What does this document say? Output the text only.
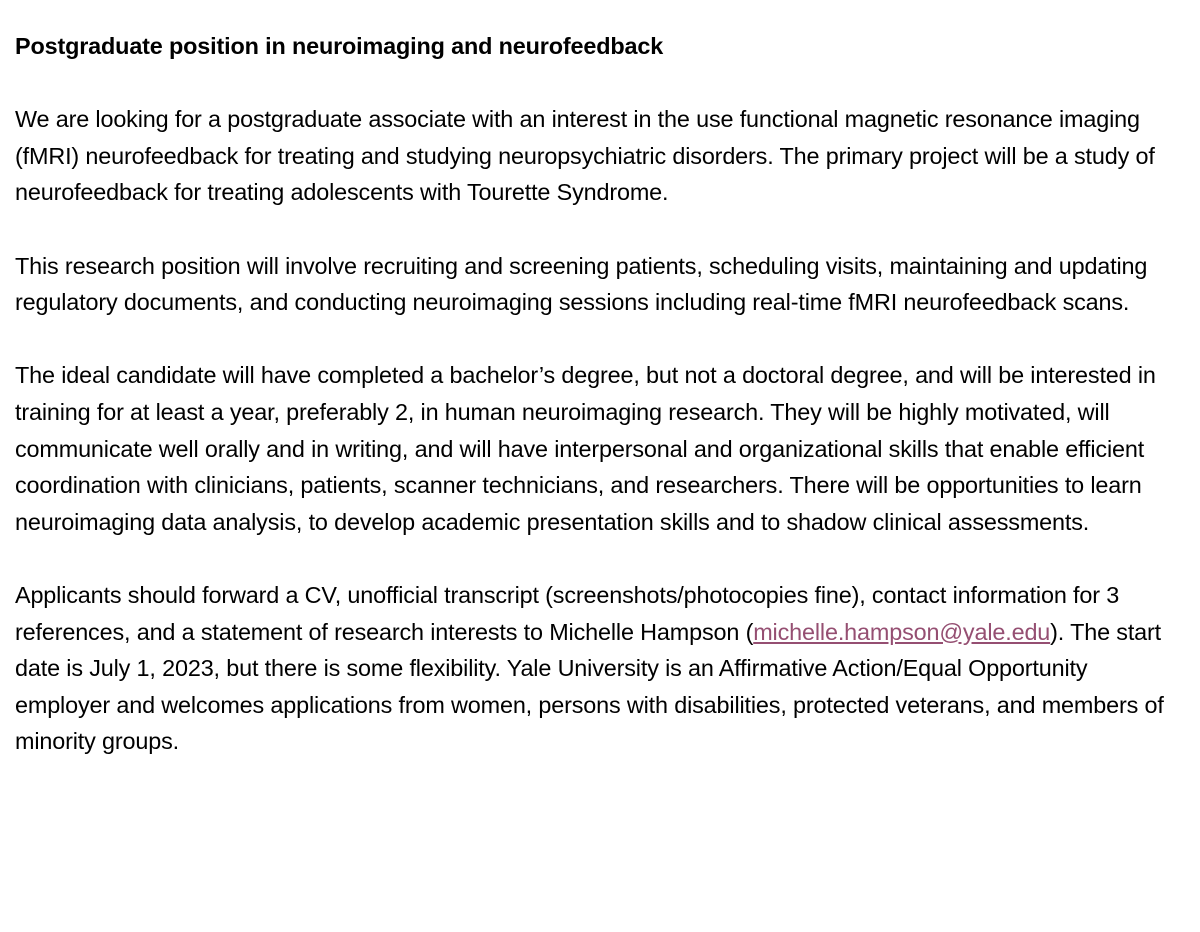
Postgraduate position in neuroimaging and neurofeedback

We are looking for a postgraduate associate with an interest in the use functional magnetic resonance imaging (fMRI) neurofeedback for treating and studying neuropsychiatric disorders. The primary project will be a study of neurofeedback for treating adolescents with Tourette Syndrome.

This research position will involve recruiting and screening patients, scheduling visits, maintaining and updating regulatory documents, and conducting neuroimaging sessions including real-time fMRI neurofeedback scans.

The ideal candidate will have completed a bachelor’s degree, but not a doctoral degree, and will be interested in training for at least a year, preferably 2, in human neuroimaging research. They will be highly motivated, will communicate well orally and in writing, and will have interpersonal and organizational skills that enable efficient coordination with clinicians, patients, scanner technicians, and researchers. There will be opportunities to learn neuroimaging data analysis, to develop academic presentation skills and to shadow clinical assessments.

Applicants should forward a CV, unofficial transcript (screenshots/photocopies fine), contact information for 3 references, and a statement of research interests to Michelle Hampson (michelle.hampson@yale.edu). The start date is July 1, 2023, but there is some flexibility. Yale University is an Affirmative Action/Equal Opportunity employer and welcomes applications from women, persons with disabilities, protected veterans, and members of minority groups.
